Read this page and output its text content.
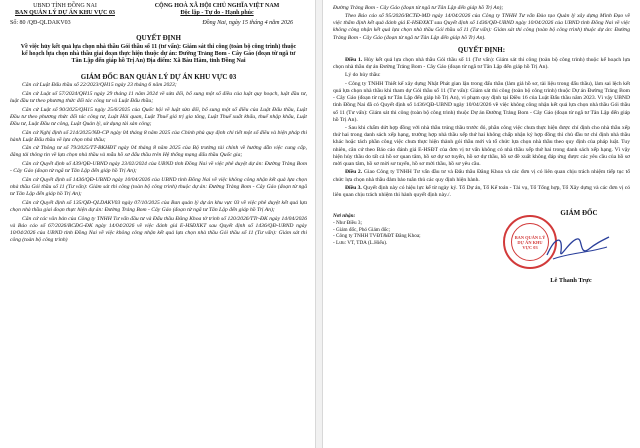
UBND TỈNH ĐỒNG NAI
BAN QUẢN LÝ DỰ ÁN KHU VỰC 03
CỘNG HOÀ XÃ HỘI CHỦ NGHĨA VIỆT NAM
Độc lập - Tự do - Hạnh phúc
Số: 80 /QĐ-QLDAKV03	Đồng Nai, ngày 15 tháng 4 năm 2026
QUYẾT ĐỊNH
Về việc hủy kết quả lựa chọn nhà thầu Gói thầu số 11 (tư vấn): Giám sát thi công (toàn bộ công trình) thuộc kế hoạch lựa chọn nhà thầu giai đoạn thực hiện thuộc dự án: Đường Trảng Bom - Cây Gáo (đoạn từ ngã tư Tân Lập đến giáp hồ Trị An) Địa điểm: Xã Bàu Hàm, tỉnh Đồng Nai
GIÁM ĐỐC BAN QUẢN LÝ DỰ ÁN KHU VỰC 03

Căn cứ Luật Đấu thầu số 22/2023/QH15 ngày 23 tháng 6 năm 2023;

Căn cứ Luật số 57/2024/QH15 ngày 29 tháng 11 năm 2024 về sửa đổi, bổ sung một số điều của luật quy hoạch, luật đầu tư, luật đầu tư theo phương thức đối tác công tư và Luật Đấu thầu;

Căn cứ Luật số 90/2025/QH15 ngày 25/6/2025 của Quốc hội về luật sửa đổi, bổ sung một số điều của Luật Đấu thầu, Luật Đầu tư theo phương thức đối tác công tư, Luật Hải quan, Luật Thuế giá trị gia tăng, Luật Thuế xuất khẩu, thuế nhập khẩu, Luật Đầu tư, Luật Đầu tư công, Luật Quản lý, sử dụng tài sản công;

Căn cứ Nghị định số 214/2025/NĐ-CP ngày 04 tháng 8 năm 2025 của Chính phủ quy định chi tiết một số điều và biện pháp thi hành Luật Đấu thầu về lựa chọn nhà thầu;

Căn cứ Thông tư số 79/2025/TT-BKHĐT ngày 04 tháng 8 năm 2025 của Bộ trưởng tài chính về hướng dẫn việc cung cấp, đăng tải thông tin về lựa chọn nhà thầu và mẫu hồ sơ đấu thầu trên Hệ thống mạng đấu thầu Quốc gia;

Căn cứ Quyết định số 439/QĐ-UBND ngày 23/02/2024 của UBND tỉnh Đồng Nai về việc phê duyệt dự án: Đường Trảng Bom - Cây Gáo (đoạn từ ngã tư Tân Lập đến giáp hồ Trị An);

Căn cứ Quyết định số 1436/QĐ-UBND ngày 10/04/2026 của UBND tỉnh Đồng Nai về việc không công nhận kết quả lựa chọn nhà thầu Gói thầu số 11 (Tư vấn): Giám sát thi công (toàn bộ công trình) thuộc dự án: Đường Trảng Bom - Cây Gáo (đoạn từ ngã tư Tân Lập đến giáp hồ Trị An);

Căn cứ Quyết định số 135/QĐ-QLDAKV03 ngày 07/10/2025 của Ban quản lý dự án khu vực 03 về việc phê duyệt kết quả lựa chọn nhà thầu giai đoạn thực hiện dự án: Đường Trảng Bom - Cây Gáo (đoạn từ ngã tư Tân Lập đến giáp hồ Trị An);

Căn cứ các văn bản của Công ty TNHH Tư vấn đầu tư và Đấu thầu Đăng Khoa tờ trình số 120/2026/TTr-ĐK ngày 14/04/2026 và Báo cáo số 67/2026/BCĐG-ĐK ngày 14/04/2026 về việc đánh giá E-HSĐXKT sau Quyết định số 1436/QĐ-UBND ngày 10/04/2026 của UBND tỉnh Đồng Nai về việc không công nhận kết quả lựa chọn nhà thầu Gói thầu số 11 (Tư vấn): Giám sát thi công (toàn bộ công trình)

Đường Trảng Bom - Cây Gáo (đoạn từ ngã tư Tân Lập đến giáp hồ Trị An);

Theo Báo cáo số 95/2026/BCTĐ-MD ngày 14/04/2026 của Công ty TNHH Tư vấn Đào tạo Quản lý xây dựng Minh Đạo về việc thẩm định kết quả đánh giá E-HSĐXKT sau Quyết định số 1436/QĐ-UBND ngày 10/04/2026 của UBND tỉnh Đồng Nai về việc không công nhận kết quả lựa chọn nhà thầu Gói thầu số 11 (Tư vấn): Giám sát thi công (toàn bộ công trình) thuộc dự án: Đường Trảng Bom - Cây Gáo (đoạn từ ngã tư Tân Lập đến giáp hồ Trị An).

QUYẾT ĐỊNH:

Điều 1. Hủy kết quả lựa chọn nhà thầu Gói thầu số 11 (Tư vấn): Giám sát thi công (toàn bộ công trình) thuộc kế hoạch lựa chọn nhà thầu dự án Đường Trảng Bom - Cây Gáo (đoạn từ ngã tư Tân Lập đến giáp hồ Trị An).

Lý do hủy thầu:

- Công ty TNHH Thiết kế xây dựng Nhật Phát gian lận trong đấu thầu (làm giả hồ sơ, tài liệu trong đấu thầu), làm sai lệch kết quả lựa chọn nhà thầu khi tham dự Gói thầu số 11 (Tư vấn): Giám sát thi công (toàn bộ công trình) thuộc Dự án Đường Trảng Bom - Cây Gáo (đoạn từ ngã tư Tân Lập đến giáp hồ Trị An), vi phạm quy định tại Điều 16 của Luật Đấu thầu năm 2023. Vì vậy UBND tỉnh Đồng Nai đã có Quyết định số 1436/QĐ-UBND ngày 10/04/2026 về việc không công nhận kết quả lựa chọn nhà thầu Gói thầu số 11 (Tư vấn): Giám sát thi công (toàn bộ công trình) thuộc Dự án Đường Trảng Bom - Cây Gáo (đoạn từ ngã tư Tân Lập đến giáp hồ Trị An).

- Sau khi chấm dứt hợp đồng với nhà thầu trúng thầu trước đó, phần công việc chưa thực hiện được chỉ định cho nhà thầu xếp thứ hai trong danh sách xếp hạng, trường hợp nhà thầu xếp thứ hai không chấp nhận ký hợp đồng thì chủ đầu tư chỉ định nhà thầu khác hoặc tách phần công việc chưa thực hiện thành gói thầu mới và tổ chức lựa chọn nhà thầu theo quy định của pháp luật. Tuy nhiên, căn cứ theo Báo cáo đánh giá E-HSĐT của đơn vị tư vấn không có nhà thầu xếp thứ hai trong danh sách xếp hạng. Vì vậy hiện hủy thầu do tất cả hồ sơ quan tâm, hồ sơ dự sơ tuyển, hồ sơ dự thầu, hồ sơ đề xuất không đáp ứng được các yêu cầu của hồ sơ mời quan tâm, hồ sơ mời sơ tuyển, hồ sơ mời thầu, hồ sơ yêu cầu.

Điều 2. Giao Công ty TNHH Tư vấn đầu tư và Đấu thầu Đăng Khoa và các đơn vị có liên quan chịu trách nhiệm tiếp tục tổ chức lựa chọn nhà thầu đảm bảo tuân thủ các quy định hiện hành.

Điều 3. Quyết định này có hiệu lực kể từ ngày ký. Tổ Dự án, Tổ Kế toán - Tài vụ, Tổ Tổng hợp, Tổ Xây dựng và các đơn vị có liên quan chịu trách nhiệm thi hành quyết định này./.

Nơi nhận:
- Như Điều 3;
- Giám đốc, Phó Giám đốc;
- Công ty TNHH TVĐT&ĐT Đăng Khoa;
- Lưu: VT, TDA (L.Hiếu).
GIÁM ĐỐC
BAN QUẢN LÝ DỰ ÁN KHU VỰC 03
Lê Thanh Trực
